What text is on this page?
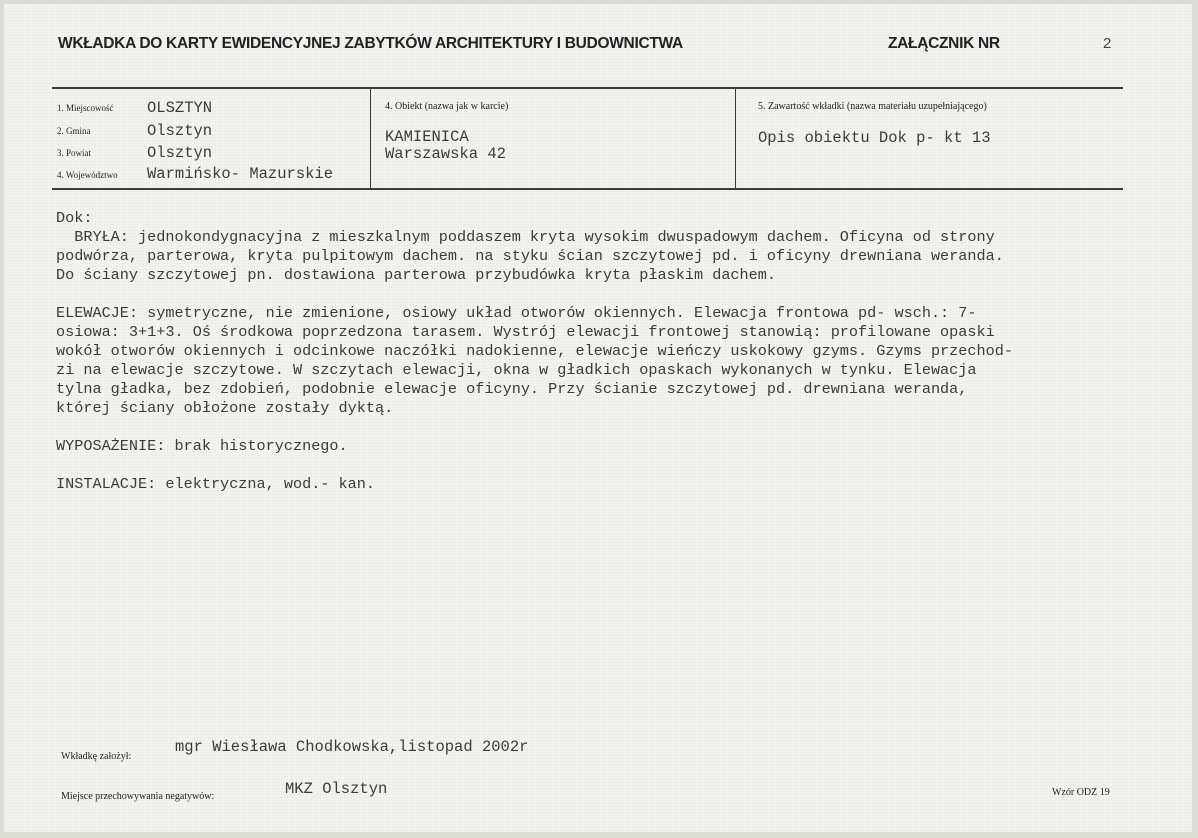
WKŁADKA DO KARTY EWIDENCYJNEJ ZABYTKÓW ARCHITEKTURY I BUDOWNICTWA	ZAŁĄCZNIK NR	2
1. Miejscowość OLSZTYN
2. Gmina	Olsztyn
3. Powiat	Olsztyn
4. Województwo Warmińsko- Mazurskie
4. Obiekt (nazwa jak w karcie)
KAMIENICA
Warszawska 42
5. Zawartość wkładki (nazwa materiału uzupełniającego)
Opis obiektu Dok p- kt 13

Dok:

BRYŁA: jednokondygnacyjna z mieszkalnym poddaszem kryta wysokim dwuspadowym dachem. Oficyna od strony

podwórza, parterowa, kryta pulpitowym dachem. na styku ścian szczytowej pd. i oficyny drewniana weranda.

Do ściany szczytowej pn. dostawiona parterowa przybudówka kryta płaskim dachem.

ELEWACJE: symetryczne, nie zmienione, osiowy układ otworów okiennych. Elewacja frontowa pd- wsch.: 7-

osiowa: 3+1+3. Oś środkowa poprzedzona tarasem. Wystrój elewacji frontowej stanowią: profilowane opaski

wokół otworów okiennych i odcinkowe naczółki nadokienne, elewacje wieńczy uskokowy gzyms. Gzyms przechod-

zi na elewacje szczytowe. W szczytach elewacji, okna w gładkich opaskach wykonanych w tynku. Elewacja

tylna gładka, bez zdobień, podobnie elewacje oficyny. Przy ścianie szczytowej pd. drewniana weranda,

której ściany obłożone zostały dyktą.

WYPOSAŻENIE: brak historycznego.

INSTALACJE: elektryczna, wod.- kan.

Wkładkę założył:
mgr Wiesława Chodkowska,listopad 2002r
Miejsce przechowywania negatywów:	MKZ Olsztyn	Wzór ODZ 19
